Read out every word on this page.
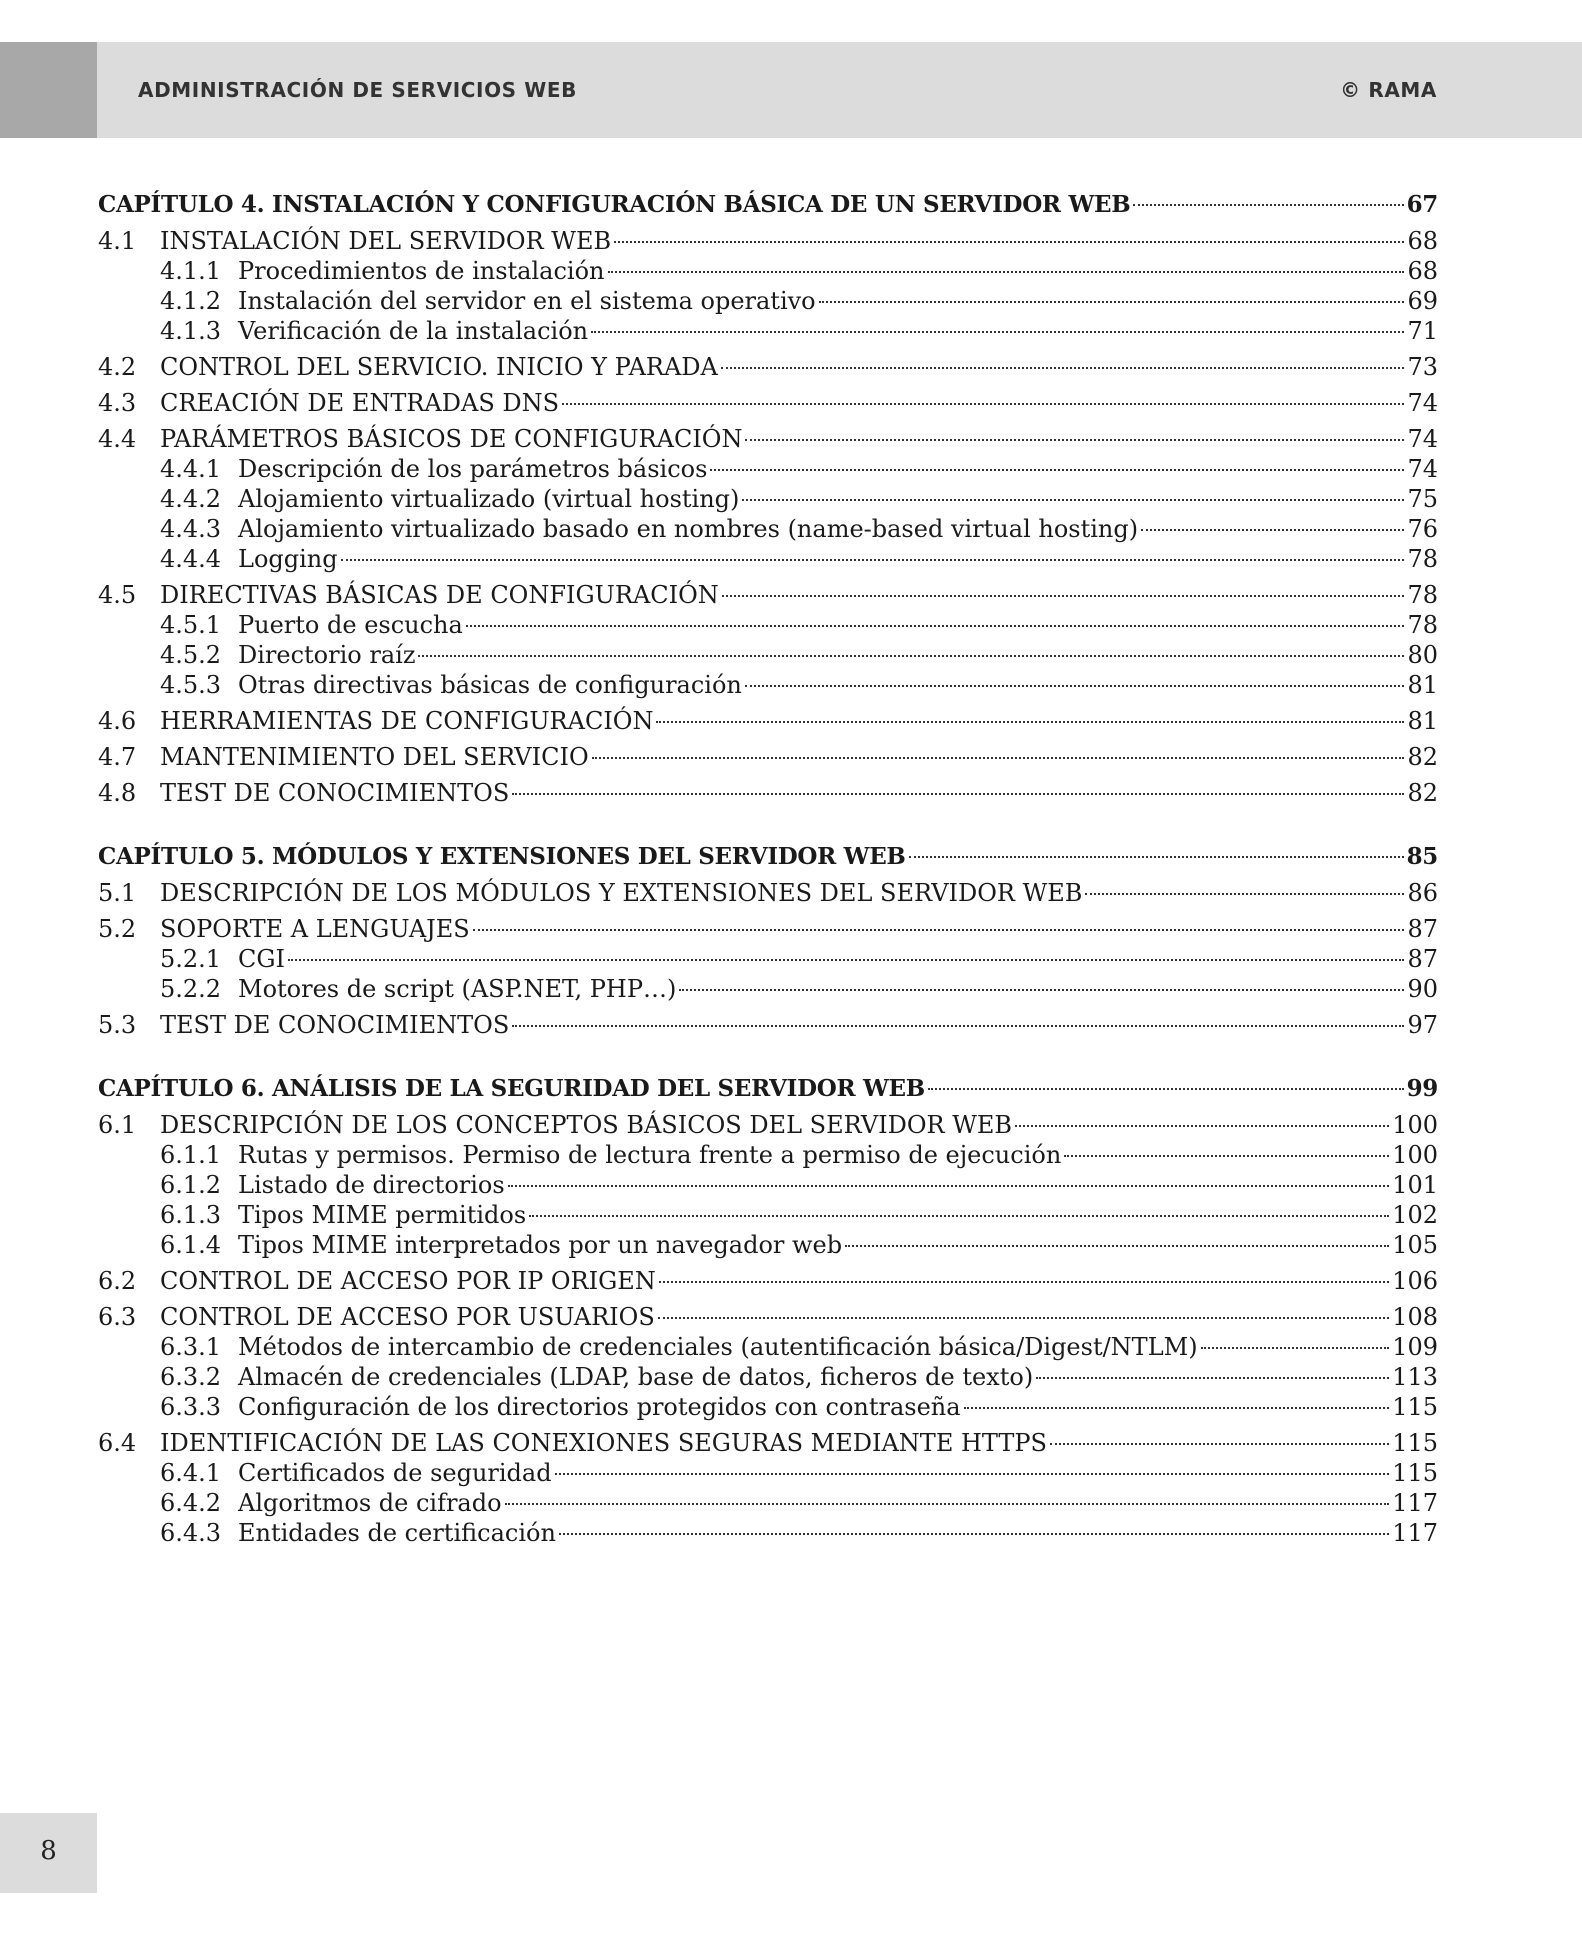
ADMINISTRACIÓN DE SERVICIOS WEB	© RAMA
CAPÍTULO 4. INSTALACIÓN Y CONFIGURACIÓN BÁSICA DE UN SERVIDOR WEB	67
4.1 INSTALACIÓN DEL SERVIDOR WEB	68
4.1.1 Procedimientos de instalación	68
4.1.2 Instalación del servidor en el sistema operativo	69
4.1.3 Verificación de la instalación	71
4.2 CONTROL DEL SERVICIO. INICIO Y PARADA	73
4.3 CREACIÓN DE ENTRADAS DNS	74
4.4 PARÁMETROS BÁSICOS DE CONFIGURACIÓN	74
4.4.1 Descripción de los parámetros básicos	74
4.4.2 Alojamiento virtualizado (virtual hosting)	75
4.4.3 Alojamiento virtualizado basado en nombres (name-based virtual hosting)	76
4.4.4 Logging	78
4.5 DIRECTIVAS BÁSICAS DE CONFIGURACIÓN	78
4.5.1 Puerto de escucha	78
4.5.2 Directorio raíz	80
4.5.3 Otras directivas básicas de configuración	81
4.6 HERRAMIENTAS DE CONFIGURACIÓN	81
4.7 MANTENIMIENTO DEL SERVICIO	82
4.8 TEST DE CONOCIMIENTOS	82
CAPÍTULO 5. MÓDULOS Y EXTENSIONES DEL SERVIDOR WEB	85
5.1 DESCRIPCIÓN DE LOS MÓDULOS Y EXTENSIONES DEL SERVIDOR WEB	86
5.2 SOPORTE A LENGUAJES	87
5.2.1 CGI	87
5.2.2 Motores de script (ASP.NET, PHP…)	90
5.3 TEST DE CONOCIMIENTOS	97
CAPÍTULO 6. ANÁLISIS DE LA SEGURIDAD DEL SERVIDOR WEB	99
6.1 DESCRIPCIÓN DE LOS CONCEPTOS BÁSICOS DEL SERVIDOR WEB	100
6.1.1 Rutas y permisos. Permiso de lectura frente a permiso de ejecución	100
6.1.2 Listado de directorios	101
6.1.3 Tipos MIME permitidos	102
6.1.4 Tipos MIME interpretados por un navegador web	105
6.2 CONTROL DE ACCESO POR IP ORIGEN	106
6.3 CONTROL DE ACCESO POR USUARIOS	108
6.3.1 Métodos de intercambio de credenciales (autentificación básica/Digest/NTLM)	109
6.3.2 Almacén de credenciales (LDAP, base de datos, ficheros de texto)	113
6.3.3 Configuración de los directorios protegidos con contraseña	115
6.4 IDENTIFICACIÓN DE LAS CONEXIONES SEGURAS MEDIANTE HTTPS	115
6.4.1 Certificados de seguridad	115
6.4.2 Algoritmos de cifrado	117
6.4.3 Entidades de certificación	117
8
